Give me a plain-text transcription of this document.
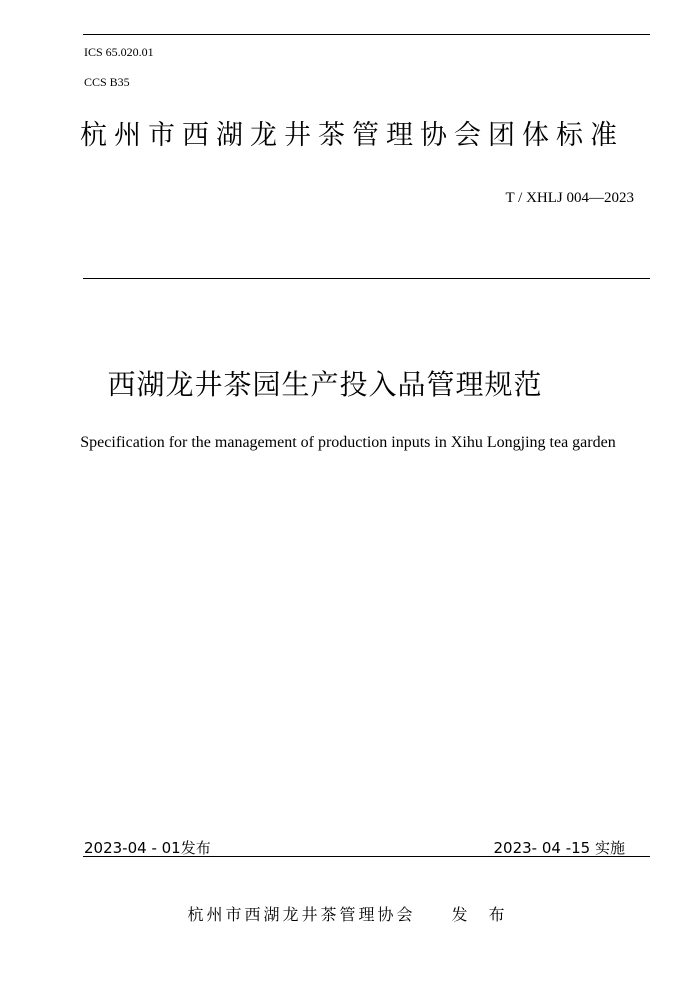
ICS 65.020.01
CCS B35
杭州市西湖龙井茶管理协会团体标准
T / XHLJ 004—2023
西湖龙井茶园生产投入品管理规范
Specification for the management of production inputs in Xihu Longjing tea garden
2023-04 - 01发布	2023- 04 -15 实施
杭州市西湖龙井茶管理协会 发 布
